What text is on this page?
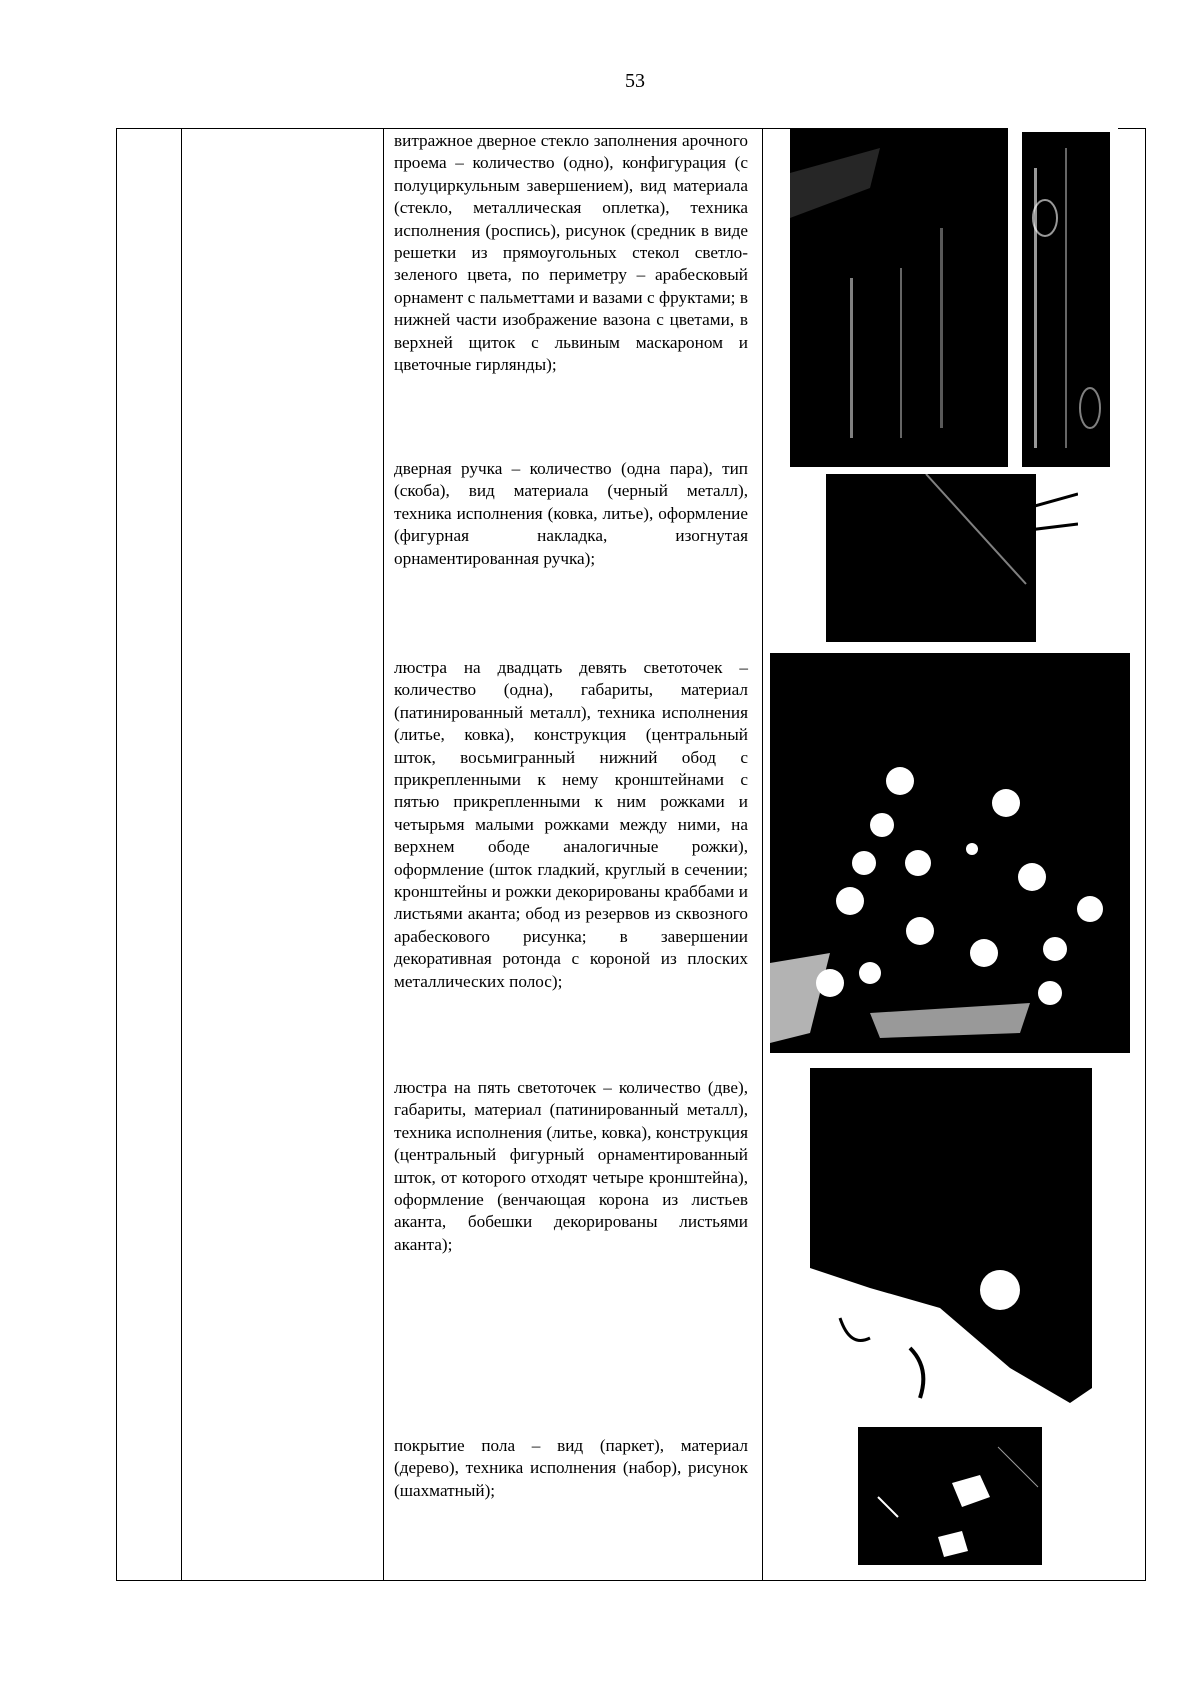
53
витражное дверное стекло заполнения арочного проема – количество (одно), конфигурация (с полуциркульным завершением), вид материала (стекло, металлическая оплетка), техника исполнения (роспись), рисунок (средник в виде решетки из прямоугольных стекол светло-зеленого цвета, по периметру – арабесковый орнамент с пальметтами и вазами с фруктами; в нижней части изображение вазона с цветами, в верхней щиток с львиным маскароном и цветочные гирлянды);
дверная ручка – количество (одна пара), тип (скоба), вид материала (черный металл), техника исполнения (ковка, литье), оформление (фигурная накладка, изогнутая орнаментированная ручка);
люстра на двадцать девять светоточек – количество (одна), габариты, материал (патинированный металл), техника исполнения (литье, ковка), конструкция (центральный шток, восьмигранный нижний обод с прикрепленными к нему кронштейнами с пятью прикрепленными к ним рожками и четырьмя малыми рожками между ними, на верхнем ободе аналогичные рожки), оформление (шток гладкий, круглый в сечении; кронштейны и рожки декорированы краббами и листьями аканта; обод из резервов из сквозного арабескового рисунка; в завершении декоративная ротонда с короной из плоских металлических полос);
люстра на пять светоточек – количество (две), габариты, материал (патинированный металл), техника исполнения (литье, ковка), конструкция (центральный фигурный орнаментированный шток, от которого отходят четыре кронштейна), оформление (венчающая корона из листьев аканта, бобешки декорированы листьями аканта);
покрытие пола – вид (паркет), материал (дерево), техника исполнения (набор), рисунок (шахматный);
